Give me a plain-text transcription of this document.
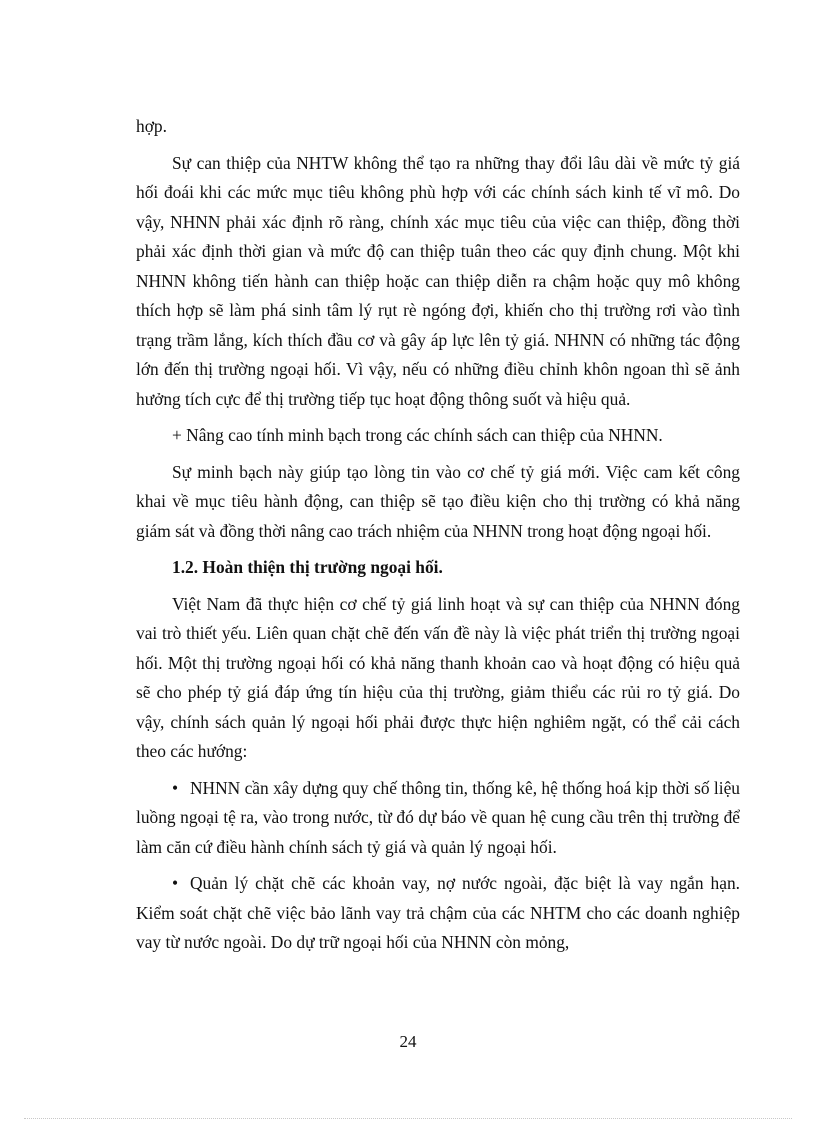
hợp.

Sự can thiệp của NHTW không thể tạo ra những thay đổi lâu dài về mức tỷ giá hối đoái khi các mức mục tiêu không phù hợp với các chính sách kinh tế vĩ mô. Do vậy, NHNN phải xác định rõ ràng, chính xác mục tiêu của việc can thiệp, đồng thời phải xác định thời gian và mức độ can thiệp tuân theo các quy định chung. Một khi NHNN không tiến hành can thiệp hoặc can thiệp diễn ra chậm hoặc quy mô không thích hợp sẽ làm phá sinh tâm lý rụt rè ngóng đợi, khiến cho thị trường rơi vào tình trạng trầm lắng, kích thích đầu cơ và gây áp lực lên tỷ giá. NHNN có những tác động lớn đến thị trường ngoại hối. Vì vậy, nếu có những điều chỉnh khôn ngoan thì sẽ ảnh hưởng tích cực để thị trường tiếp tục hoạt động thông suốt và hiệu quả.

+ Nâng cao tính minh bạch trong các chính sách can thiệp của NHNN.

Sự minh bạch này giúp tạo lòng tin vào cơ chế tỷ giá mới. Việc cam kết công khai về mục tiêu hành động, can thiệp sẽ tạo điều kiện cho thị trường có khả năng giám sát và đồng thời nâng cao trách nhiệm của NHNN trong hoạt động ngoại hối.

1.2. Hoàn thiện thị trường ngoại hối.

Việt Nam đã thực hiện cơ chế tỷ giá linh hoạt và sự can thiệp của NHNN đóng vai trò thiết yếu. Liên quan chặt chẽ đến vấn đề này là việc phát triển thị trường ngoại hối. Một thị trường ngoại hối có khả năng thanh khoản cao và hoạt động có hiệu quả sẽ cho phép tỷ giá đáp ứng tín hiệu của thị trường, giảm thiểu các rủi ro tỷ giá. Do vậy, chính sách quản lý ngoại hối phải được thực hiện nghiêm ngặt, có thể cải cách theo các hướng:

• NHNN cần xây dựng quy chế thông tin, thống kê, hệ thống hoá kịp thời số liệu luồng ngoại tệ ra, vào trong nước, từ đó dự báo về quan hệ cung cầu trên thị trường để làm căn cứ điều hành chính sách tỷ giá và quản lý ngoại hối.

• Quản lý chặt chẽ các khoản vay, nợ nước ngoài, đặc biệt là vay ngắn hạn. Kiểm soát chặt chẽ việc bảo lãnh vay trả chậm của các NHTM cho các doanh nghiệp vay từ nước ngoài. Do dự trữ ngoại hối của NHNN còn mỏng,

24
